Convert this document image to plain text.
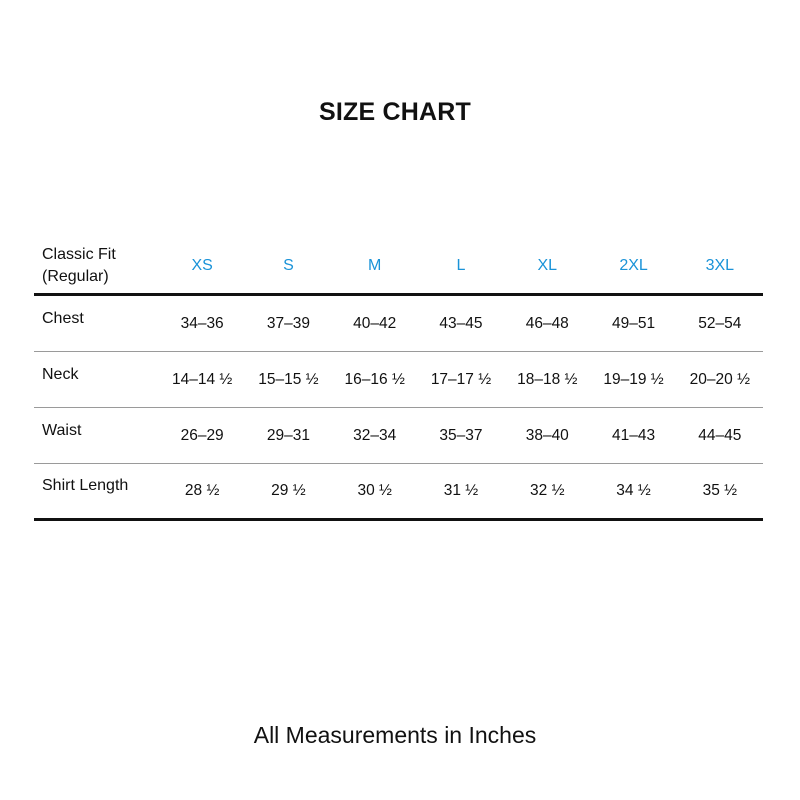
SIZE CHART
Classic Fit
(Regular)
XS	S	M	L	XL	2XL	3XL
Chest	34–36	37–39	40–42	43–45	46–48	49–51	52–54
Neck	14–14 ½	15–15 ½	16–16 ½	17–17 ½	18–18 ½	19–19 ½	20–20 ½
Waist	26–29	29–31	32–34	35–37	38–40	41–43	44–45
Shirt Length	28 ½	29 ½	30 ½	31 ½	32 ½	34 ½	35 ½
All Measurements in Inches
